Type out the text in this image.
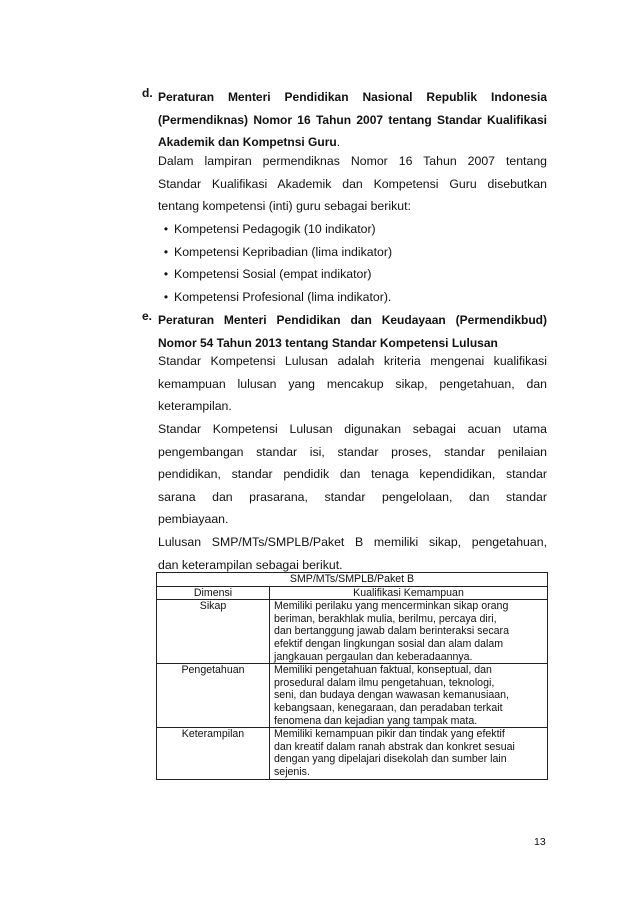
d. Peraturan Menteri Pendidikan Nasional Republik Indonesia
(Permendiknas) Nomor 16 Tahun 2007 tentang Standar Kualifikasi
Akademik dan Kompetnsi Guru.
Dalam lampiran permendiknas Nomor 16 Tahun 2007 tentang
Standar Kualifikasi Akademik dan Kompetensi Guru disebutkan
tentang kompetensi (inti) guru sebagai berikut:
• Kompetensi Pedagogik (10 indikator)
• Kompetensi Kepribadian (lima indikator)
• Kompetensi Sosial (empat indikator)
• Kompetensi Profesional (lima indikator).
e. Peraturan Menteri Pendidikan dan Keudayaan (Permendikbud)
Nomor 54 Tahun 2013 tentang Standar Kompetensi Lulusan
Standar Kompetensi Lulusan adalah kriteria mengenai kualifikasi
kemampuan lulusan yang mencakup sikap, pengetahuan, dan
keterampilan.
Standar Kompetensi Lulusan digunakan sebagai acuan utama
pengembangan standar isi, standar proses, standar penilaian
pendidikan, standar pendidik dan tenaga kependidikan, standar
sarana dan prasarana, standar pengelolaan, dan standar
pembiayaan.
Lulusan SMP/MTs/SMPLB/Paket B memiliki sikap, pengetahuan,
dan keterampilan sebagai berikut.
SMP/MTs/SMPLB/Paket B	
Dimensi	Kualifikasi Kemampuan
Sikap	Memiliki perilaku yang mencerminkan sikap orang
beriman, berakhlak mulia, berilmu, percaya diri,
dan bertanggung jawab dalam berinteraksi secara
efektif dengan lingkungan sosial dan alam dalam
jangkauan pergaulan dan keberadaannya.

Pengetahuan	Memiliki pengetahuan faktual, konseptual, dan
prosedural dalam ilmu pengetahuan, teknologi,
seni, dan budaya dengan wawasan kemanusiaan,
kebangsaan, kenegaraan, dan peradaban terkait
fenomena dan kejadian yang tampak mata.

Keterampilan	Memiliki kemampuan pikir dan tindak yang efektif
dan kreatif dalam ranah abstrak dan konkret sesuai
dengan yang dipelajari disekolah dan sumber lain
sejenis.
13
